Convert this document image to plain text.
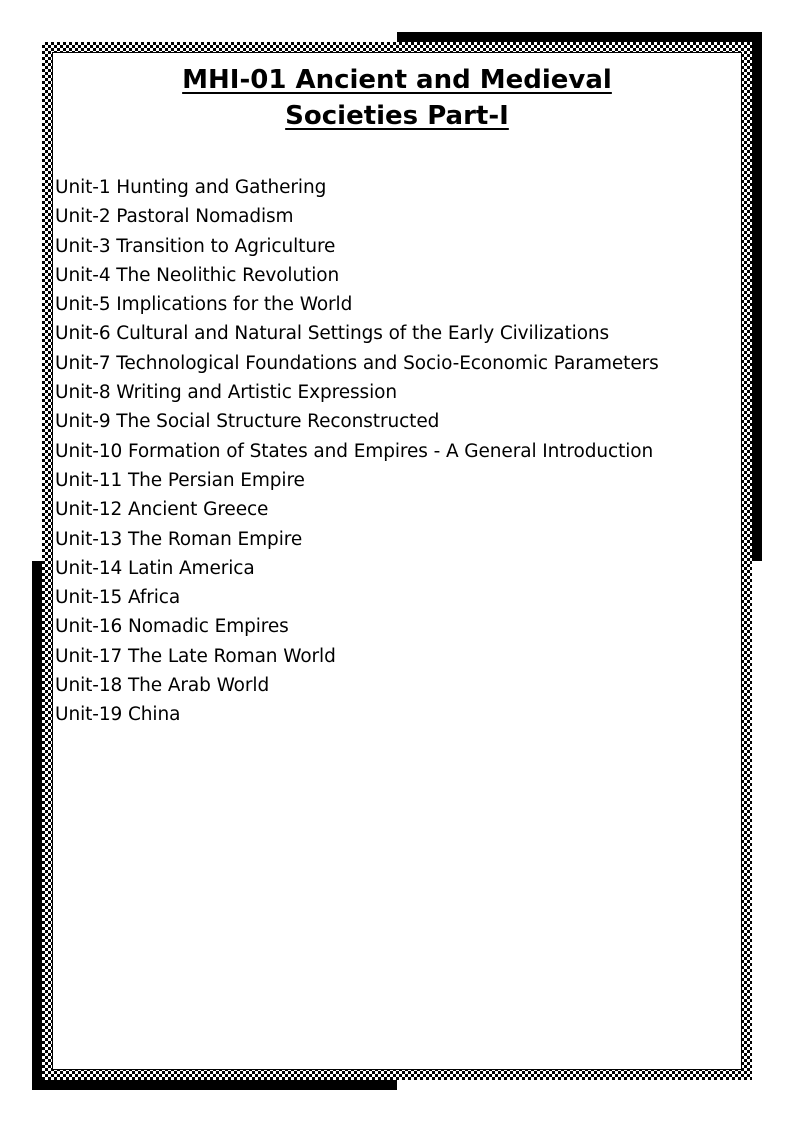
MHI-01 Ancient and Medieval
Societies Part-I
Unit-1 Hunting and Gathering
Unit-2 Pastoral Nomadism
Unit-3 Transition to Agriculture
Unit-4 The Neolithic Revolution
Unit-5 Implications for the World
Unit-6 Cultural and Natural Settings of the Early Civilizations
Unit-7 Technological Foundations and Socio-Economic Parameters
Unit-8 Writing and Artistic Expression
Unit-9 The Social Structure Reconstructed
Unit-10 Formation of States and Empires - A General Introduction
Unit-11 The Persian Empire
Unit-12 Ancient Greece
Unit-13 The Roman Empire
Unit-14 Latin America
Unit-15 Africa
Unit-16 Nomadic Empires
Unit-17 The Late Roman World
Unit-18 The Arab World
Unit-19 China
